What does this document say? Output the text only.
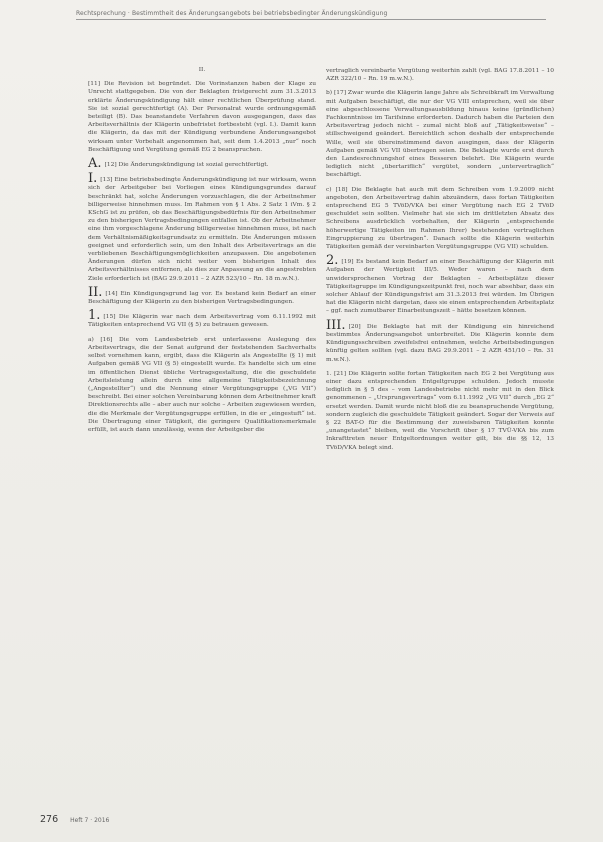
Rechtsprechung · Bestimmtheit des Änderungsangebots bei betriebsbedingter Änderungskündigung

II.

[11] Die Revision ist begründet. Die Vorinstanzen haben der Klage zu Unrecht stattgegeben. Die von der Beklagten fristgerecht zum 31.3.2013 erklärte Änderungskündigung hält einer rechtlichen Überprüfung stand. Sie ist sozial gerechtfertigt (A). Der Personalrat wurde ordnungsgemäß beteiligt (B). Das beanstandete Verfahren davon ausgegangen, dass das Arbeitsverhältnis der Klägerin unbefristet fortbesteht (vgl. I.). Damit kann die Klägerin, da das mit der Kündigung verbundene Änderungsangebot wirksam unter Vorbehalt angenommen hat, seit dem 1.4.2013 „nur“ noch Beschäftigung und Vergütung gemäß EG 2 beanspruchen.

A. [12] Die Änderungskündigung ist sozial gerechtfertigt.

I. [13] Eine betriebsbedingte Änderungskündigung ist nur wirksam, wenn sich der Arbeitgeber bei Vorliegen eines Kündigungsgrundes darauf beschränkt hat, solche Änderungen vorzuschlagen, die der Arbeitnehmer billigerweise hinnehmen muss. Im Rahmen von § 1 Abs. 2 Satz 1 iVm. § 2 KSchG ist zu prüfen, ob das Beschäftigungsbedürfnis für den Arbeitnehmer zu den bisherigen Vertragsbedingungen entfallen ist. Ob der Arbeitnehmer eine ihm vorgeschlagene Änderung billigerweise hinnehmen muss, ist nach dem Verhältnismäßigkeitsgrundsatz zu ermitteln. Die Änderungen müssen geeignet und erforderlich sein, um den Inhalt des Arbeitsvertrags an die verbliebenen Beschäftigungsmöglichkeiten anzupassen. Die angebotenen Änderungen dürfen sich nicht weiter vom bisherigen Inhalt des Arbeitsverhältnisses entfernen, als dies zur Anpassung an die angestrebten Ziele erforderlich ist (BAG 29.9.2011 – 2 AZR 523/10 – Rn. 18 m.w.N.).

II. [14] Ein Kündigungsgrund lag vor. Es bestand kein Bedarf an einer Beschäftigung der Klägerin zu den bisherigen Vertragsbedingungen.

1. [15] Die Klägerin war nach dem Arbeitsvertrag vom 6.11.1992 mit Tätigkeiten entsprechend VG VII (§ 5) zu betrauen gewesen.

a) [16] Die vom Landesbetrieb erst unterlassene Auslegung des Arbeitsvertrags, die der Senat aufgrund der feststehenden Sachverhalts selbst vornehmen kann, ergibt, dass die Klägerin als Angestellte (§ 1) mit Aufgaben gemäß VG VII (§ 5) eingestellt wurde. Es handelte sich um eine im öffentlichen Dienst übliche Vertragsgestaltung, die die geschuldete Arbeitsleistung allein durch eine allgemeine Tätigkeitsbezeichnung („Angestellter“) und die Nennung einer Vergütungsgruppe („VG VII“) beschreibt. Bei einer solchen Vereinbarung können dem Arbeitnehmer kraft Direktionsrechts alle – aber auch nur solche – Arbeiten zugewiesen werden, die die Merkmale der Vergütungsgruppe erfüllen, in die er „eingestuft“ ist. Die Übertragung einer Tätigkeit, die geringere Qualifikationsmerkmale erfüllt, ist auch dann unzulässig, wenn der Arbeitgeber die

vertraglich vereinbarte Vergütung weiterhin zahlt (vgl. BAG 17.8.2011 – 10 AZR 322/10 – Rn. 19 m.w.N.).

b) [17] Zwar wurde die Klägerin lange Jahre als Schreibkraft im Verwaltung mit Aufgaben beschäftigt, die nur der VG VIII entsprechen, weil sie über eine abgeschlossene Verwaltungsausbildung hinaus keine (gründlichen) Fachkenntnisse im Tarifsinne erforderten. Dadurch haben die Parteien den Arbeitsvertrag jedoch nicht – zumal nicht bloß auf „Tätigkeitsweise“ – stillschweigend geändert. Bereichtlich schon deshalb der entsprechende Wille, weil sie übereinstimmend davon ausgingen, dass der Klägerin Aufgaben gemäß VG VII übertragen seien. Die Beklagte wurde erst durch den Landesrechnungshof eines Besseren belehrt. Die Klägerin wurde lediglich nicht „übertariflich“ vergütet, sondern „untervertraglich“ beschäftigt.

c) [18] Die Beklagte hat auch mit dem Schreiben vom 1.9.2009 nicht angeboten, den Arbeitsvertrag dahin abzuändern, dass fortan Tätigkeiten entsprechend EG 5 TVöD/VKA bei einer Vergütung nach EG 2 TVöD geschuldet sein sollten. Vielmehr hat sie sich im drittletzten Absatz des Schreibens ausdrücklich vorbehalten, der Klägerin „entsprechende höherwertige Tätigkeiten im Rahmen Ihrer) bestehenden vertraglichen Eingruppierung zu übertragen“. Danach sollte die Klägerin weiterhin Tätigkeiten gemäß der vereinbarten Vergütungsgruppe (VG VII) schulden.

2. [19] Es bestand kein Bedarf an einer Beschäftigung der Klägerin mit Aufgaben der Wertigkeit III/5. Weder waren – nach dem unwidersprochenen Vortrag der Beklagten – Arbeitsplätze dieser Tätigkeitsgruppe im Kündigungszeitpunkt frei, noch war absehbar, dass ein solcher Ablauf der Kündigungsfrist am 31.3.2013 frei würden. Im Übrigen hat die Klägerin nicht dargetan, dass sie einen entsprechenden Arbeitsplatz – ggf. nach zumutbarer Einarbeitungszeit – hätte besetzen können.

III. [20] Die Beklagte hat mit der Kündigung ein hinreichend bestimmtes Änderungsangebot unterbreitet. Die Klägerin konnte dem Kündigungsschreiben zweifelsfrei entnehmen, welche Arbeitsbedingungen künftig gelten sollten (vgl. dazu BAG 29.9.2011 – 2 AZR 451/10 – Rn. 31 m.w.N.).

1. [21] Die Klägerin sollte fortan Tätigkeiten nach EG 2 bei Vergütung aus einer dazu entsprechenden Entgeltgruppe schulden. Jedoch musste lediglich in § 5 des – vom Landesbetriebe nicht mehr mit in den Blick genommenen – „Ursprungsvertrags“ vom 6.11.1992 „VG VII“ durch „EG 2“ ersetzt werden. Damit wurde nicht bloß die zu beanspruchende Vergütung, sondern zugleich die geschuldete Tätigkeit geändert. Sogar der Verweis auf § 22 BAT-O für die Bestimmung der zuweisbaren Tätigkeiten konnte „unangetastet“ bleiben, weil die Vorschrift über § 17 TVÜ-VKA bis zum Inkrafttreten neuer Entgeltordnungen weiter gilt, bis die §§ 12, 13 TVöD/VKA belegt sind.

276 Heft 7 · 2016
